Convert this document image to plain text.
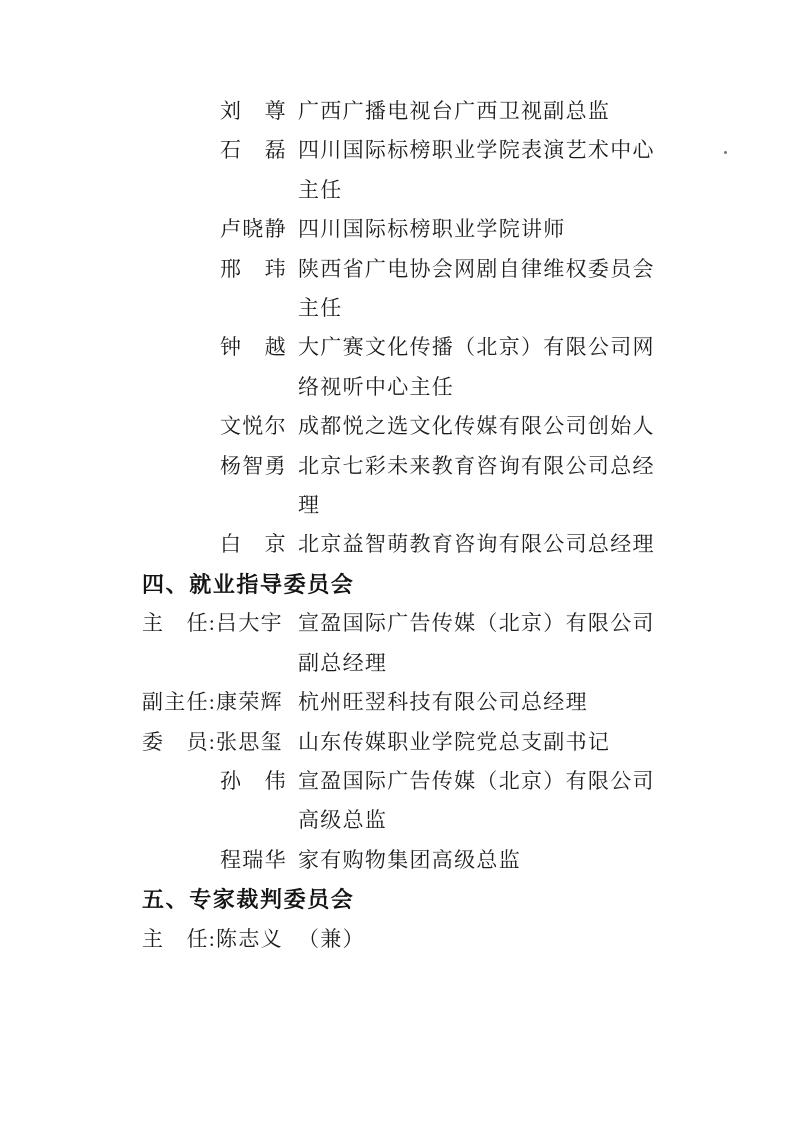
刘　尊 广西广播电视台广西卫视副总监
石　磊 四川国际标榜职业学院表演艺术中心
主任
卢晓静 四川国际标榜职业学院讲师
邢　玮 陕西省广电协会网剧自律维权委员会
主任
钟　越 大广赛文化传播（北京）有限公司网
络视听中心主任
文悦尔 成都悦之选文化传媒有限公司创始人
杨智勇 北京七彩未来教育咨询有限公司总经
理
白　京 北京益智萌教育咨询有限公司总经理
四、就业指导委员会
主　任:吕大宇 宣盈国际广告传媒（北京）有限公司
副总经理
副主任:康荣辉 杭州旺翌科技有限公司总经理
委　员:张思玺 山东传媒职业学院党总支副书记
孙　伟 宣盈国际广告传媒（北京）有限公司
高级总监
程瑞华 家有购物集团高级总监
五、专家裁判委员会
主　任:陈志义 （兼）
